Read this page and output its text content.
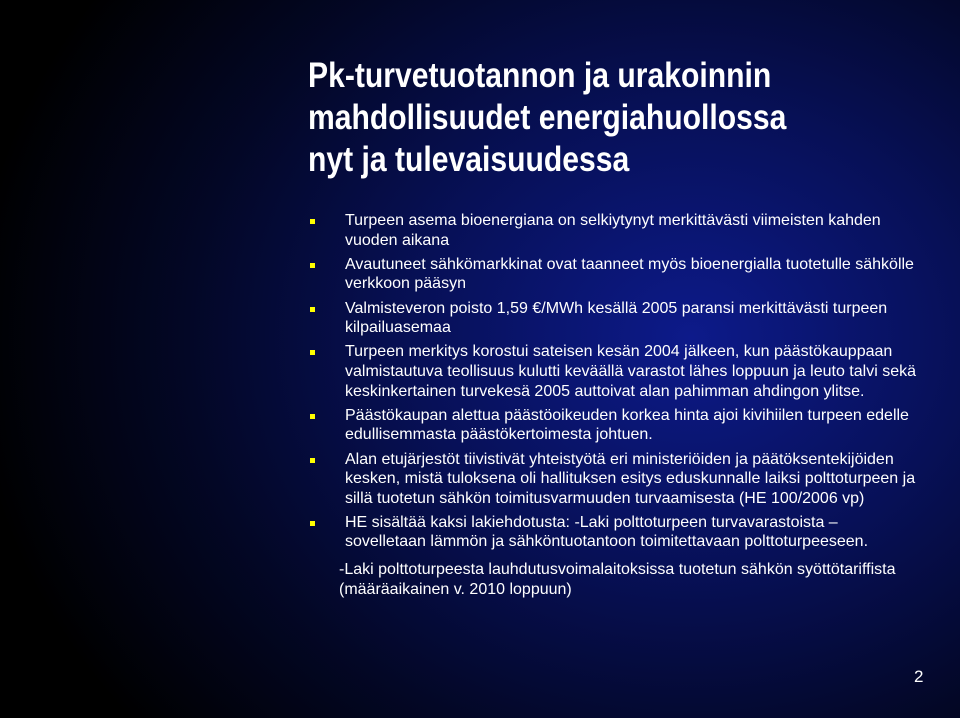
Pk-turvetuotannon ja urakoinnin
mahdollisuudet energiahuollossa
nyt ja tulevaisuudessa
Turpeen asema bioenergiana on selkiytynyt merkittävästi viimeisten kahden vuoden aikana
Avautuneet sähkömarkkinat ovat taanneet myös bioenergialla tuotetulle sähkölle verkkoon pääsyn
Valmisteveron poisto 1,59 €/MWh kesällä 2005 paransi merkittävästi turpeen kilpailuasemaa
Turpeen merkitys korostui sateisen kesän 2004 jälkeen, kun päästökauppaan valmistautuva teollisuus kulutti keväällä varastot lähes loppuun ja leuto talvi sekä keskinkertainen turvekesä 2005 auttoivat alan pahimman ahdingon ylitse.
Päästökaupan alettua päästöoikeuden korkea hinta ajoi kivihiilen turpeen edelle edullisemmasta päästökertoimesta johtuen.
Alan etujärjestöt tiivistivät yhteistyötä eri ministeriöiden ja päätöksentekijöiden kesken, mistä tuloksena oli hallituksen esitys eduskunnalle laiksi polttoturpeen ja sillä tuotetun sähkön toimitusvarmuuden turvaamisesta (HE 100/2006 vp)
HE sisältää kaksi lakiehdotusta: -Laki polttoturpeen turvavarastoista – sovelletaan lämmön ja sähköntuotantoon toimitettavaan polttoturpeeseen.
-Laki polttoturpeesta lauhdutusvoimalaitoksissa tuotetun sähkön syöttötariffista (määräaikainen v. 2010 loppuun)
2
